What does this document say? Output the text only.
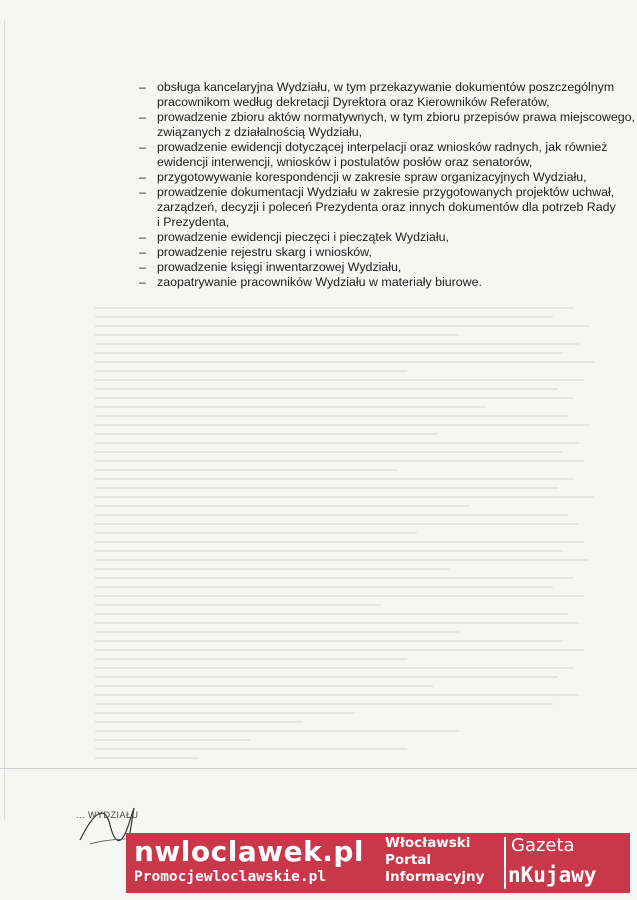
– obsługa kancelaryjna Wydziału, w tym przekazywanie dokumentów poszczególnym
pracownikom według dekretacji Dyrektora oraz Kierowników Referatów,
– prowadzenie zbioru aktów normatywnych, w tym zbioru przepisów prawa miejscowego,
związanych z działalnością Wydziału,
– prowadzenie ewidencji dotyczącej interpelacji oraz wniosków radnych, jak również
ewidencji interwencji, wniosków i postulatów posłów oraz senatorów,
– przygotowywanie korespondencji w zakresie spraw organizacyjnych Wydziału,
– prowadzenie dokumentacji Wydziału w zakresie przygotowanych projektów uchwał,
zarządzeń, decyzji i poleceń Prezydenta oraz innych dokumentów dla potrzeb Rady
i Prezydenta,
– prowadzenie ewidencji pieczęci i pieczątek Wydziału,
– prowadzenie rejestru skarg i wniosków,
– prowadzenie księgi inwentarzowej Wydziału,
– zaopatrywanie pracowników Wydziału w materiały biurowe.
... WYDZIAŁU
nwloclawek.pl
Promocjewloclawskie.pl
Włocławski
Portal
Informacyjny
Gazeta
nKujawy
